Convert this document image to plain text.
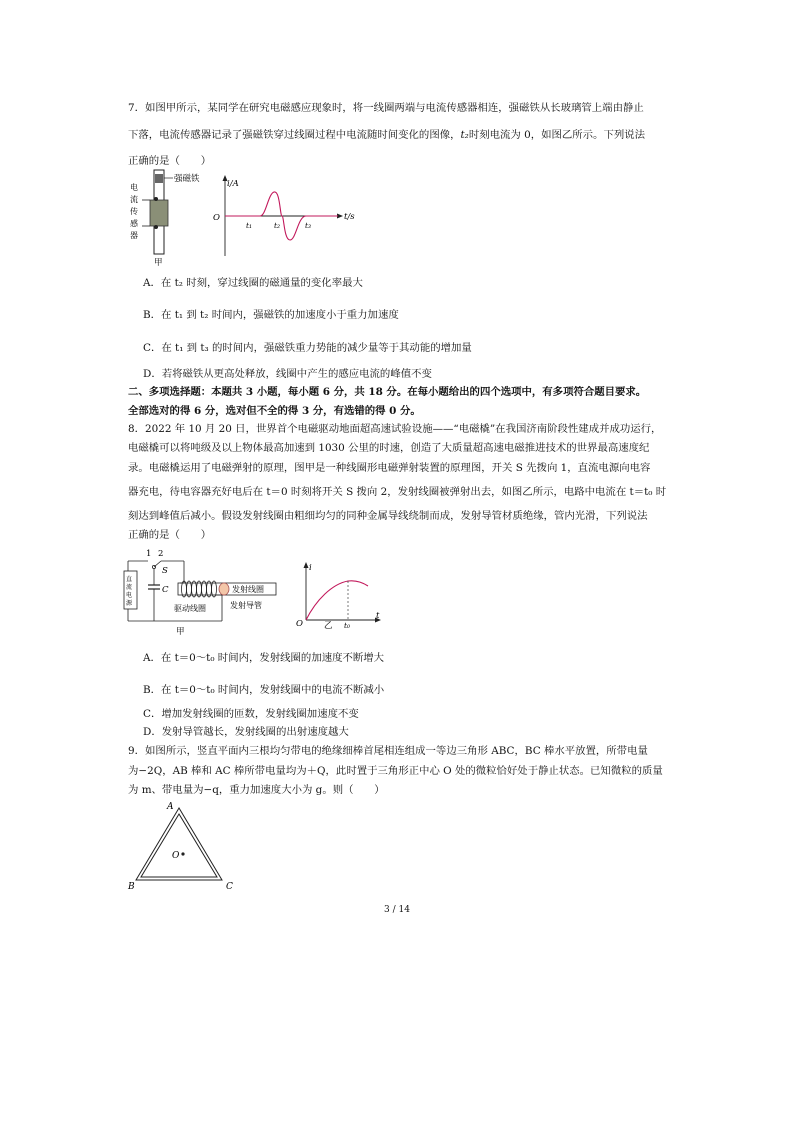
7．如图甲所示，某同学在研究电磁感应现象时，将一线圈两端与电流传感器相连，强磁铁从长玻璃管上端由静止
下落，电流传感器记录了强磁铁穿过线圈过程中电流随时间变化的图像，t₂时刻电流为 0，如图乙所示。下列说法
正确的是（　　）
强磁铁
电
流
传
感
器
甲
i/A
t/s
O
t₁	t₂	t₃
A．在 t₂ 时刻，穿过线圈的磁通量的变化率最大
B．在 t₁ 到 t₂ 时间内，强磁铁的加速度小于重力加速度
C．在 t₁ 到 t₃ 的时间内，强磁铁重力势能的减少量等于其动能的增加量
D．若将磁铁从更高处释放，线圈中产生的感应电流的峰值不变
二、多项选择题：本题共 3 小题，每小题 6 分，共 18 分。在每小题给出的四个选项中，有多项符合题目要求。
全部选对的得 6 分，选对但不全的得 3 分，有选错的得 0 分。
8．2022 年 10 月 20 日，世界首个电磁驱动地面超高速试验设施——“电磁橇”在我国济南阶段性建成并成功运行，
电磁橇可以将吨级及以上物体最高加速到 1030 公里的时速，创造了大质量超高速电磁推进技术的世界最高速度纪
录。电磁橇运用了电磁弹射的原理，图甲是一种线圈形电磁弹射装置的原理图，开关 S 先拨向 1，直流电源向电容
器充电，待电容器充好电后在 t＝0 时刻将开关 S 拨向 2，发射线圈被弹射出去，如图乙所示，电路中电流在 t＝t₀ 时
刻达到峰值后减小。假设发射线圈由粗细均匀的同种金属导线绕制而成，发射导管材质绝缘，管内光滑，下列说法
正确的是（　　）
1 2
S
C
直
流
电
源
发射线圈
驱动线圈	发射导管
甲
i
t
O	t₀
乙
A．在 t＝0～t₀ 时间内，发射线圈的加速度不断增大
B．在 t＝0～t₀ 时间内，发射线圈中的电流不断减小
C．增加发射线圈的匝数，发射线圈加速度不变
D．发射导管越长，发射线圈的出射速度越大
9．如图所示，竖直平面内三根均匀带电的绝缘细棒首尾相连组成一等边三角形 ABC，BC 棒水平放置，所带电量
为−2Q，AB 棒和 AC 棒所带电量均为＋Q，此时置于三角形正中心 O 处的微粒恰好处于静止状态。已知微粒的质量
为 m、带电量为−q，重力加速度大小为 g。则（　　）
A
B	C
O
3 / 14
